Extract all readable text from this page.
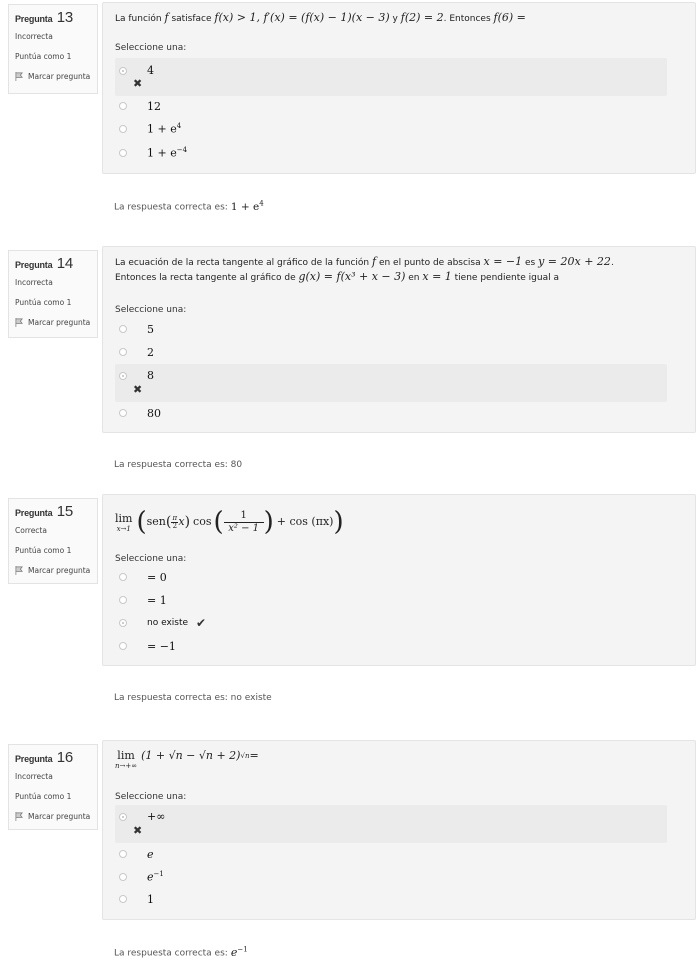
Pregunta 13
Incorrecta
Puntúa como 1
Marcar pregunta
La función f satisface f(x) > 1, f′(x) = (f(x) − 1)(x − 3) y f(2) = 2. Entonces f(6) =
Seleccione una:
4
✖
12
$1 + e^4$
$1 + e^{-4}$
La respuesta correcta es: $1 + e^4$
Pregunta 14
Incorrecta
Puntúa como 1
Marcar pregunta
La ecuación de la recta tangente al gráfico de la función f en el punto de abscisa x = −1 es y = 20x + 22.
Entonces la recta tangente al gráfico de g(x) = f(x³ + x − 3) en x = 1 tiene pendiente igual a
Seleccione una:
5
2
8
✖
80
La respuesta correcta es: 80
Pregunta 15
Correcta
Puntúa como 1
Marcar pregunta
lim
x→1 ( sen ( π
2 x ) cos ( 1
x² − 1 ) + cos (πx) )
Seleccione una:
= 0
= 1
no existe ✔
= −1
La respuesta correcta es: no existe
Pregunta 16
Incorrecta
Puntúa como 1
Marcar pregunta
lim
n→+∞
(1 + √n − √n + 2) √n =
Seleccione una:
+∞
✖
e
$e^{-1}$
1
La respuesta correcta es: $e^{-1}$
